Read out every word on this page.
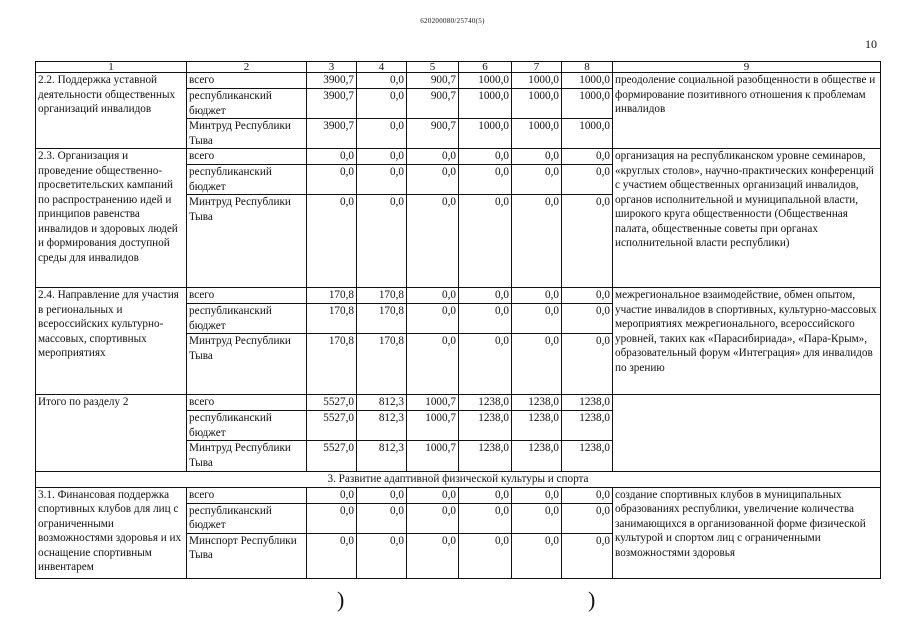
620200080/25740(5)
10
1	2	3	4	5	6	7	8	9
2.2. Поддержка уставной деятельности общественных организаций инвалидов	всего	3900,7	0,0	900,7	1000,0	1000,0	1000,0	преодоление социальной разобщенности в обществе и формирование позитивного отношения к проблемам инвалидов
	республиканский бюджет	3900,7	0,0	900,7	1000,0	1000,0	1000,0	
	Минтруд Республики Тыва	3900,7	0,0	900,7	1000,0	1000,0	1000,0	
2.3. Организация и проведение общественно-просветительских кампаний по распространению идей и принципов равенства инвалидов и здоровых людей и формирования доступной среды для инвалидов	всего	0,0	0,0	0,0	0,0	0,0	0,0	организация на республиканском уровне семинаров, «круглых столов», научно-практических конференций с участием общественных организаций инвалидов, органов исполнительной и муниципальной власти, широкого круга общественности (Общественная палата, общественные советы при органах исполнительной власти республики)
	республиканский бюджет	0,0	0,0	0,0	0,0	0,0	0,0	
	Минтруд Республики Тыва	0,0	0,0	0,0	0,0	0,0	0,0	
2.4. Направление для участия в региональных и всероссийских культурно-массовых, спортивных мероприятиях	всего	170,8	170,8	0,0	0,0	0,0	0,0	межрегиональное взаимодействие, обмен опытом, участие инвалидов в спортивных, культурно-массовых мероприятиях межрегионального, всероссийского уровней, таких как «Парасибириада», «Пара-Крым», образовательный форум «Интеграция» для инвалидов по зрению
	республиканский бюджет	170,8	170,8	0,0	0,0	0,0	0,0	
	Минтруд Республики Тыва	170,8	170,8	0,0	0,0	0,0	0,0	
Итого по разделу 2	всего	5527,0	812,3	1000,7	1238,0	1238,0	1238,0	
	республиканский бюджет	5527,0	812,3	1000,7	1238,0	1238,0	1238,0	
	Минтруд Республики Тыва	5527,0	812,3	1000,7	1238,0	1238,0	1238,0	
3. Развитие адаптивной физической культуры и спорта								
3.1. Финансовая поддержка спортивных клубов для лиц с ограниченными возможностями здоровья и их оснащение спортивным инвентарем	всего	0,0	0,0	0,0	0,0	0,0	0,0	создание спортивных клубов в муниципальных образованиях республики, увеличение количества занимающихся в организованной форме физической культурой и спортом лиц с ограниченными возможностями здоровья
	республиканский бюджет	0,0	0,0	0,0	0,0	0,0	0,0	
	Минспорт Республики Тыва	0,0	0,0	0,0	0,0	0,0	0,0	
)	)
